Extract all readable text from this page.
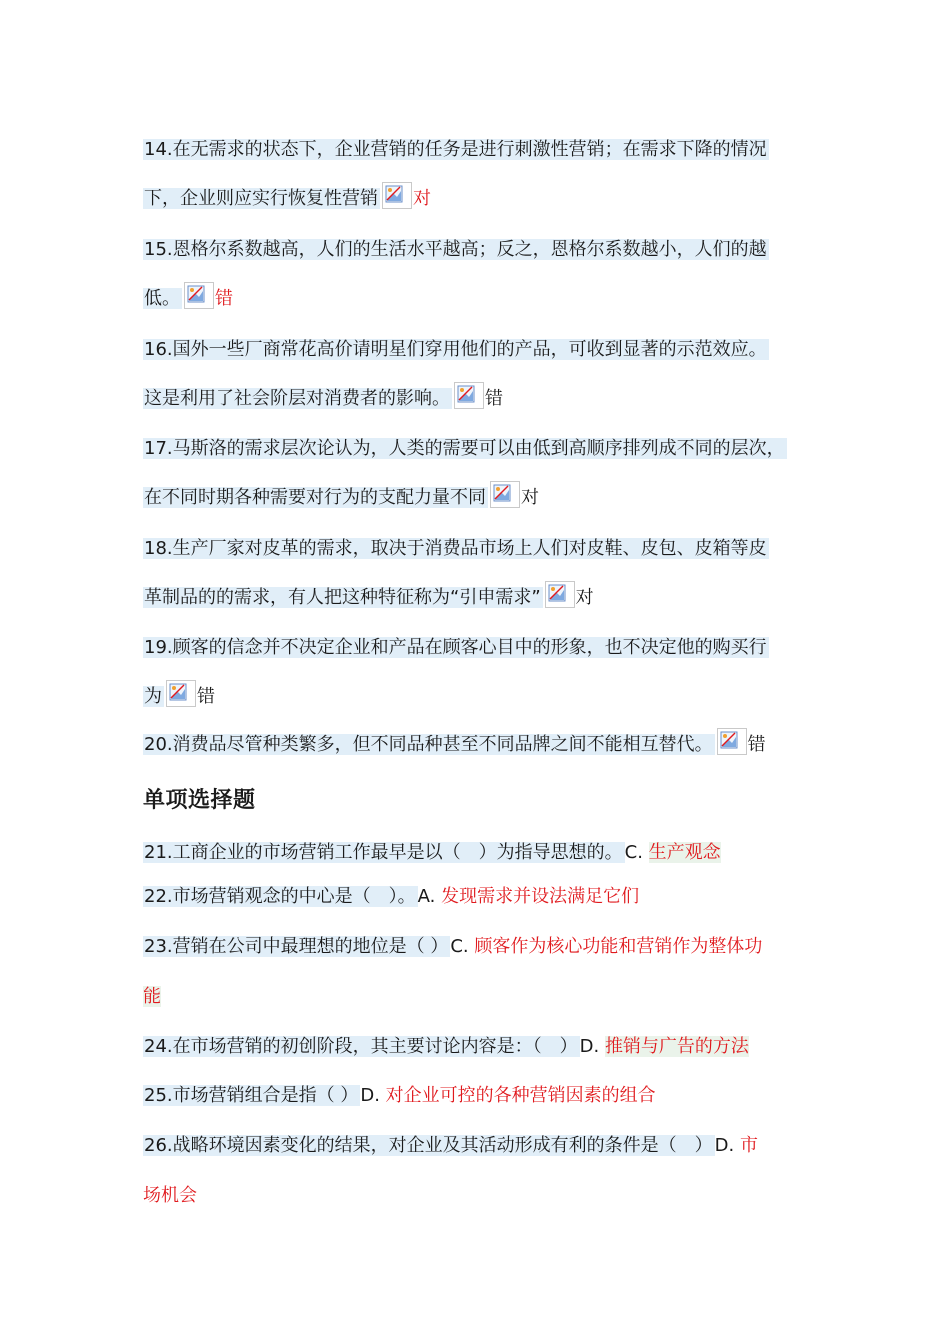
14.在无需求的状态下，企业营销的任务是进行刺激性营销；在需求下降的情况
下，企业则应实行恢复性营销 对
15.恩格尔系数越高，人们的生活水平越高；反之，恩格尔系数越小，人们的越
低。 错
16.国外一些厂商常花高价请明星们穿用他们的产品，可收到显著的示范效应。
这是利用了社会阶层对消费者的影响。 错
17.马斯洛的需求层次论认为，人类的需要可以由低到高顺序排列成不同的层次，
在不同时期各种需要对行为的支配力量不同 对
18.生产厂家对皮革的需求，取决于消费品市场上人们对皮鞋、皮包、皮箱等皮
革制品的的需求，有人把这种特征称为“引申需求” 对
19.顾客的信念并不决定企业和产品在顾客心目中的形象，也不决定他的购买行
为 错
20.消费品尽管种类繁多，但不同品种甚至不同品牌之间不能相互替代。 错
单项选择题
21.工商企业的市场营销工作最早是以（　）为指导思想的。 C. 生产观念
22.市场营销观念的中心是（　）。 A. 发现需求并设法满足它们
23.营销在公司中最理想的地位是（ ） C. 顾客作为核心功能和营销作为整体功
能
24.在市场营销的初创阶段，其主要讨论内容是：（　） D. 推销与广告的方法
25.市场营销组合是指（ ） D. 对企业可控的各种营销因素的组合
26.战略环境因素变化的结果，对企业及其活动形成有利的条件是（　） D. 市
场机会
